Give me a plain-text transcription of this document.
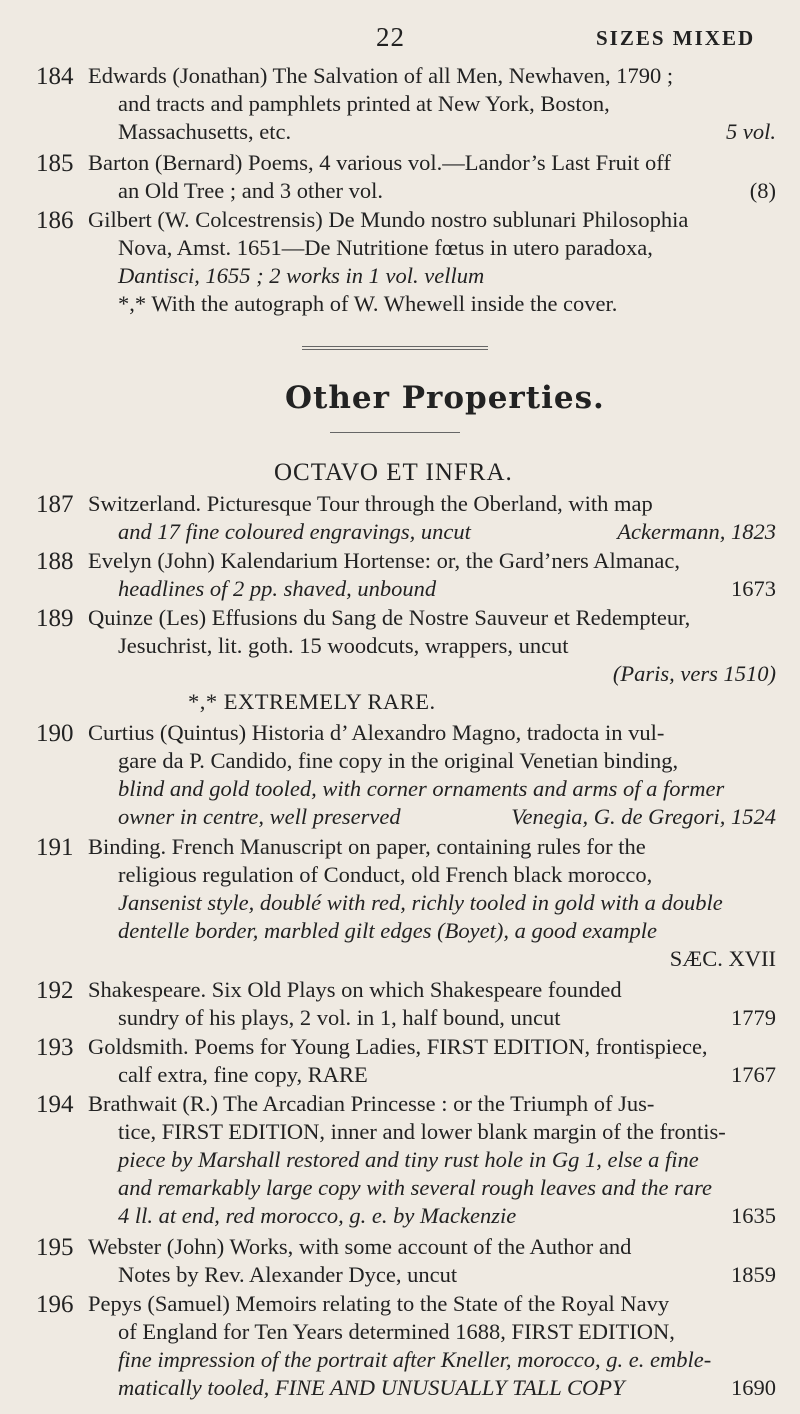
22	SIZES MIXED
184 Edwards (Jonathan) The Salvation of all Men, Newhaven, 1790 ;
and tracts and pamphlets printed at New York, Boston,
Massachusetts, etc.	5 vol.
185 Barton (Bernard) Poems, 4 various vol.—Landor’s Last Fruit off
an Old Tree ; and 3 other vol.	(8)
186 Gilbert (W. Colcestrensis) De Mundo nostro sublunari Philosophia
Nova, Amst. 1651—De Nutritione fœtus in utero paradoxa,
Dantisci, 1655 ; 2 works in 1 vol. vellum
*,* With the autograph of W. Whewell inside the cover.
Other Properties.
OCTAVO ET INFRA.
187 Switzerland. Picturesque Tour through the Oberland, with map
and 17 fine coloured engravings, uncut	Ackermann, 1823
188 Evelyn (John) Kalendarium Hortense: or, the Gard’ners Almanac,
headlines of 2 pp. shaved, unbound	1673
189 Quinze (Les) Effusions du Sang de Nostre Sauveur et Redempteur,
Jesuchrist, lit. goth. 15 woodcuts, wrappers, uncut
(Paris, vers 1510)
*,* EXTREMELY RARE.
190 Curtius (Quintus) Historia d’ Alexandro Magno, tradocta in vul-
gare da P. Candido, fine copy in the original Venetian binding,
blind and gold tooled, with corner ornaments and arms of a former
owner in centre, well preserved	Venegia, G. de Gregori, 1524
191 Binding. French Manuscript on paper, containing rules for the
religious regulation of Conduct, old French black morocco,
Jansenist style, doublé with red, richly tooled in gold with a double
dentelle border, marbled gilt edges (Boyet), a good example
SÆC. XVII
192 Shakespeare. Six Old Plays on which Shakespeare founded
sundry of his plays, 2 vol. in 1, half bound, uncut	1779
193 Goldsmith. Poems for Young Ladies, FIRST EDITION, frontispiece,
calf extra, fine copy, RARE	1767
194 Brathwait (R.) The Arcadian Princesse : or the Triumph of Jus-
tice, FIRST EDITION, inner and lower blank margin of the frontis-
piece by Marshall restored and tiny rust hole in Gg 1, else a fine
and remarkably large copy with several rough leaves and the rare
4 ll. at end, red morocco, g. e. by Mackenzie	1635
195 Webster (John) Works, with some account of the Author and
Notes by Rev. Alexander Dyce, uncut	1859
196 Pepys (Samuel) Memoirs relating to the State of the Royal Navy
of England for Ten Years determined 1688, FIRST EDITION,
fine impression of the portrait after Kneller, morocco, g. e. emble-
matically tooled, FINE AND UNUSUALLY TALL COPY	1690
